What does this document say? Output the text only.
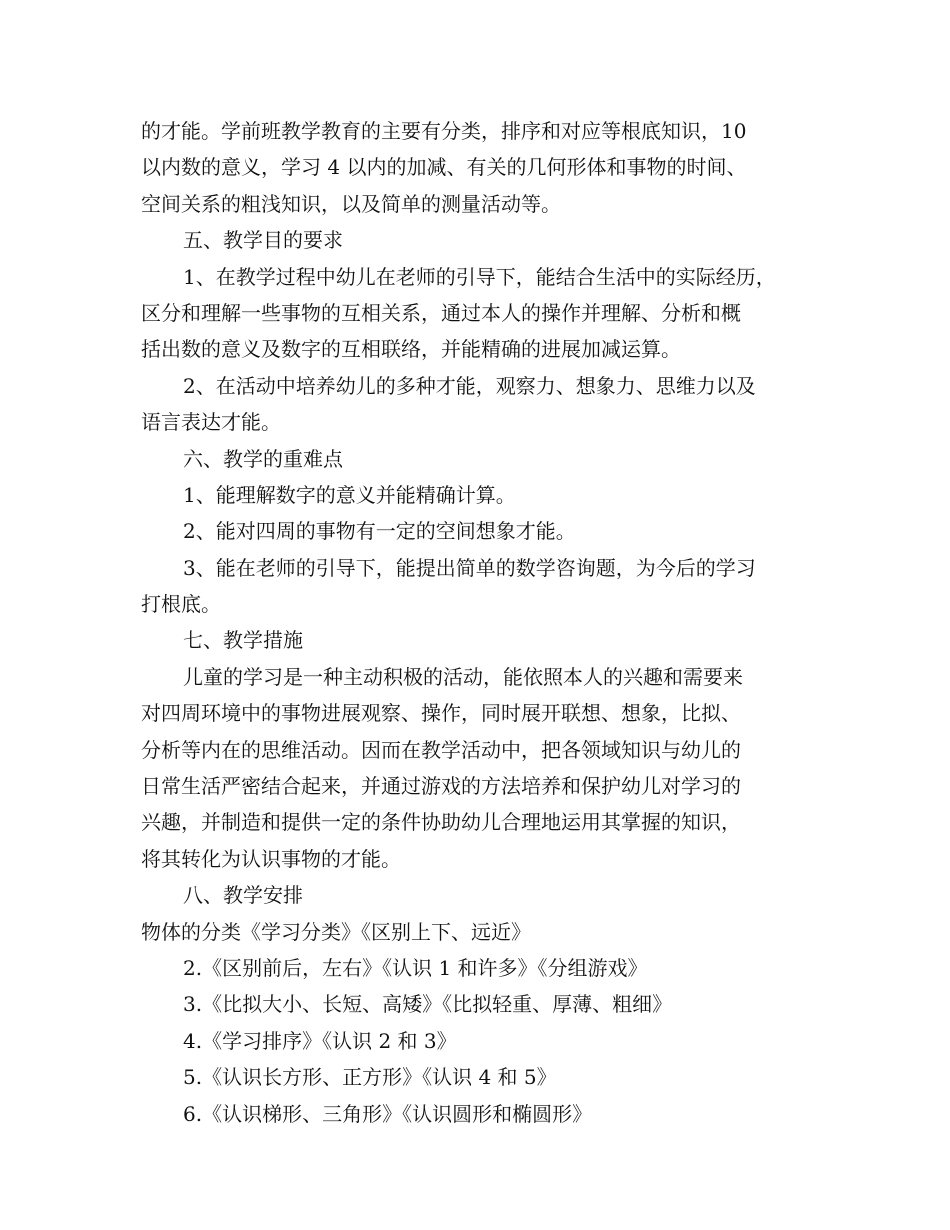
的才能。学前班教学教育的主要有分类，排序和对应等根底知识，10
以内数的意义，学习 4 以内的加减、有关的几何形体和事物的时间、
空间关系的粗浅知识，以及简单的测量活动等。
五、教学目的要求
1、在教学过程中幼儿在老师的引导下，能结合生活中的实际经历，
区分和理解一些事物的互相关系，通过本人的操作并理解、分析和概
括出数的意义及数字的互相联络，并能精确的进展加减运算。
2、在活动中培养幼儿的多种才能，观察力、想象力、思维力以及
语言表达才能。
六、教学的重难点
1、能理解数字的意义并能精确计算。
2、能对四周的事物有一定的空间想象才能。
3、能在老师的引导下，能提出简单的数学咨询题，为今后的学习
打根底。
七、教学措施
儿童的学习是一种主动积极的活动，能依照本人的兴趣和需要来
对四周环境中的事物进展观察、操作，同时展开联想、想象，比拟、
分析等内在的思维活动。因而在教学活动中，把各领域知识与幼儿的
日常生活严密结合起来，并通过游戏的方法培养和保护幼儿对学习的
兴趣，并制造和提供一定的条件协助幼儿合理地运用其掌握的知识，
将其转化为认识事物的才能。
八、教学安排
物体的分类《学习分类》《区别上下、远近》
2.《区别前后，左右》《认识 1 和许多》《分组游戏》
3.《比拟大小、长短、高矮》《比拟轻重、厚薄、粗细》
4.《学习排序》《认识 2 和 3》
5.《认识长方形、正方形》《认识 4 和 5》
6.《认识梯形、三角形》《认识圆形和椭圆形》
